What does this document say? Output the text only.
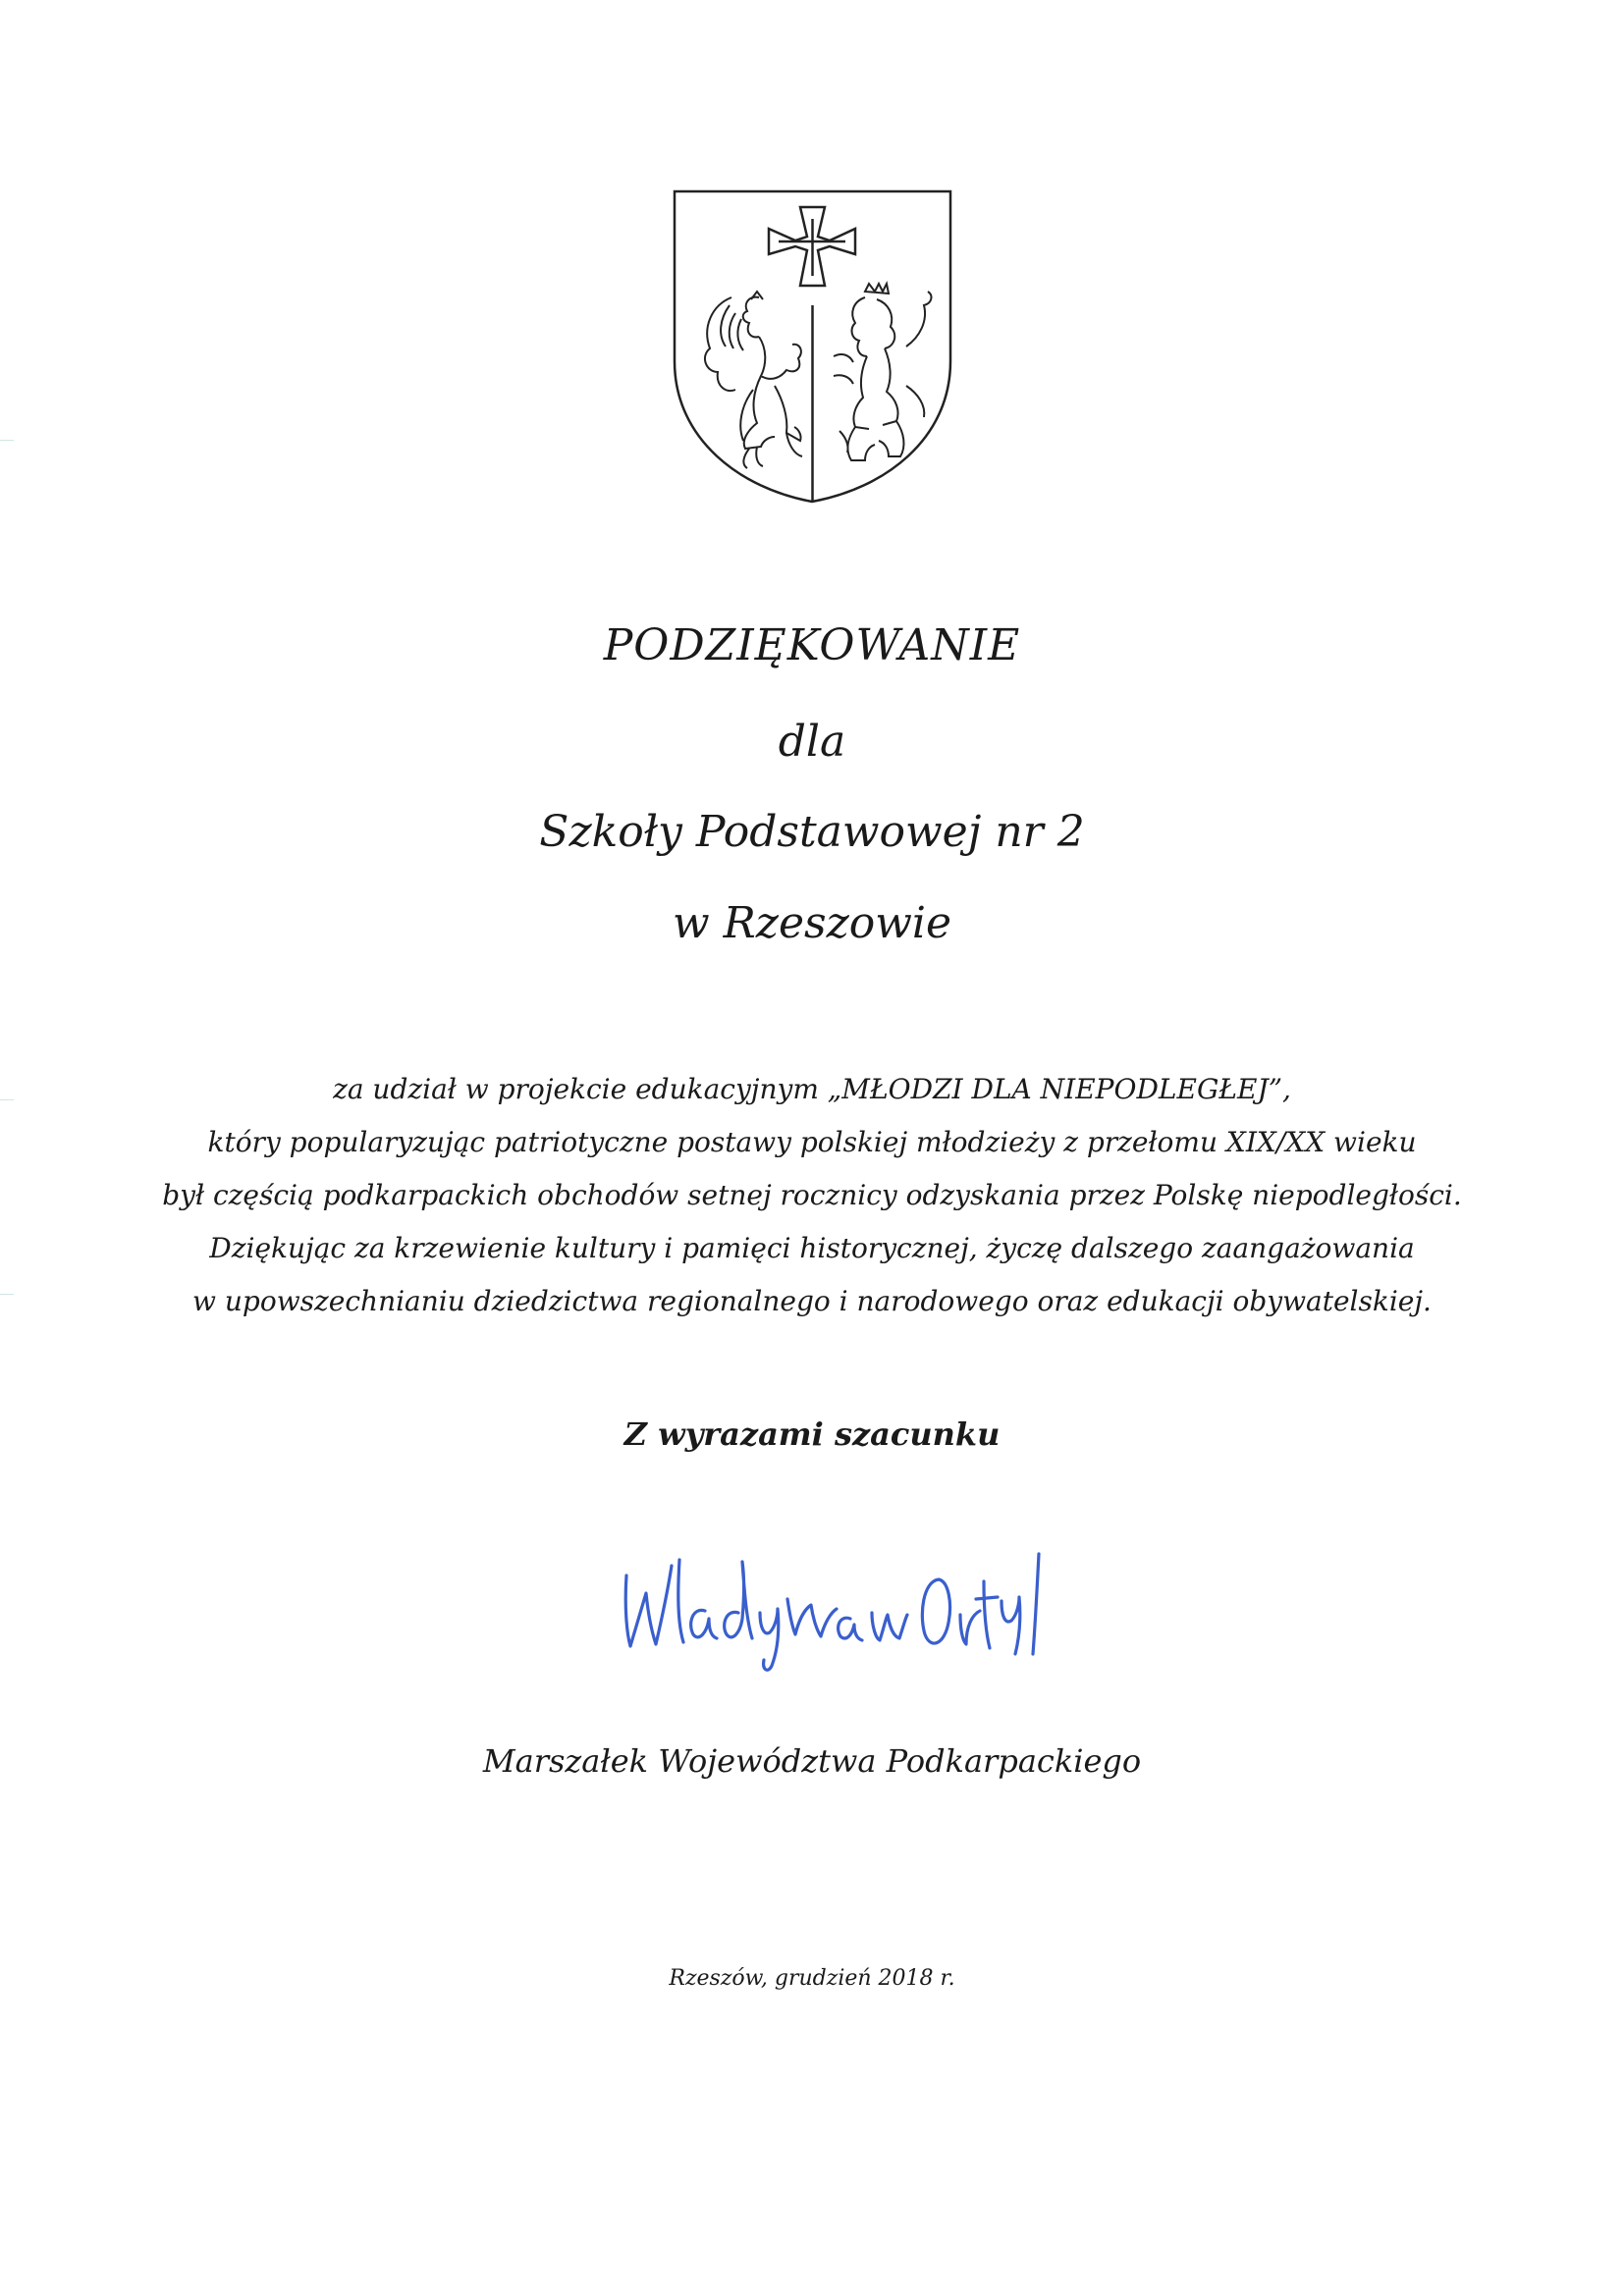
PODZIĘKOWANIE
dla
Szkoły Podstawowej nr 2
w Rzeszowie
za udział w projekcie edukacyjnym „MŁODZI DLA NIEPODLEGŁEJ”,
który popularyzując patriotyczne postawy polskiej młodzieży z przełomu XIX/XX wieku
był częścią podkarpackich obchodów setnej rocznicy odzyskania przez Polskę niepodległości.
Dziękując za krzewienie kultury i pamięci historycznej, życzę dalszego zaangażowania
w upowszechnianiu dziedzictwa regionalnego i narodowego oraz edukacji obywatelskiej.
Z wyrazami szacunku
Marszałek Województwa Podkarpackiego
Rzeszów, grudzień 2018 r.
